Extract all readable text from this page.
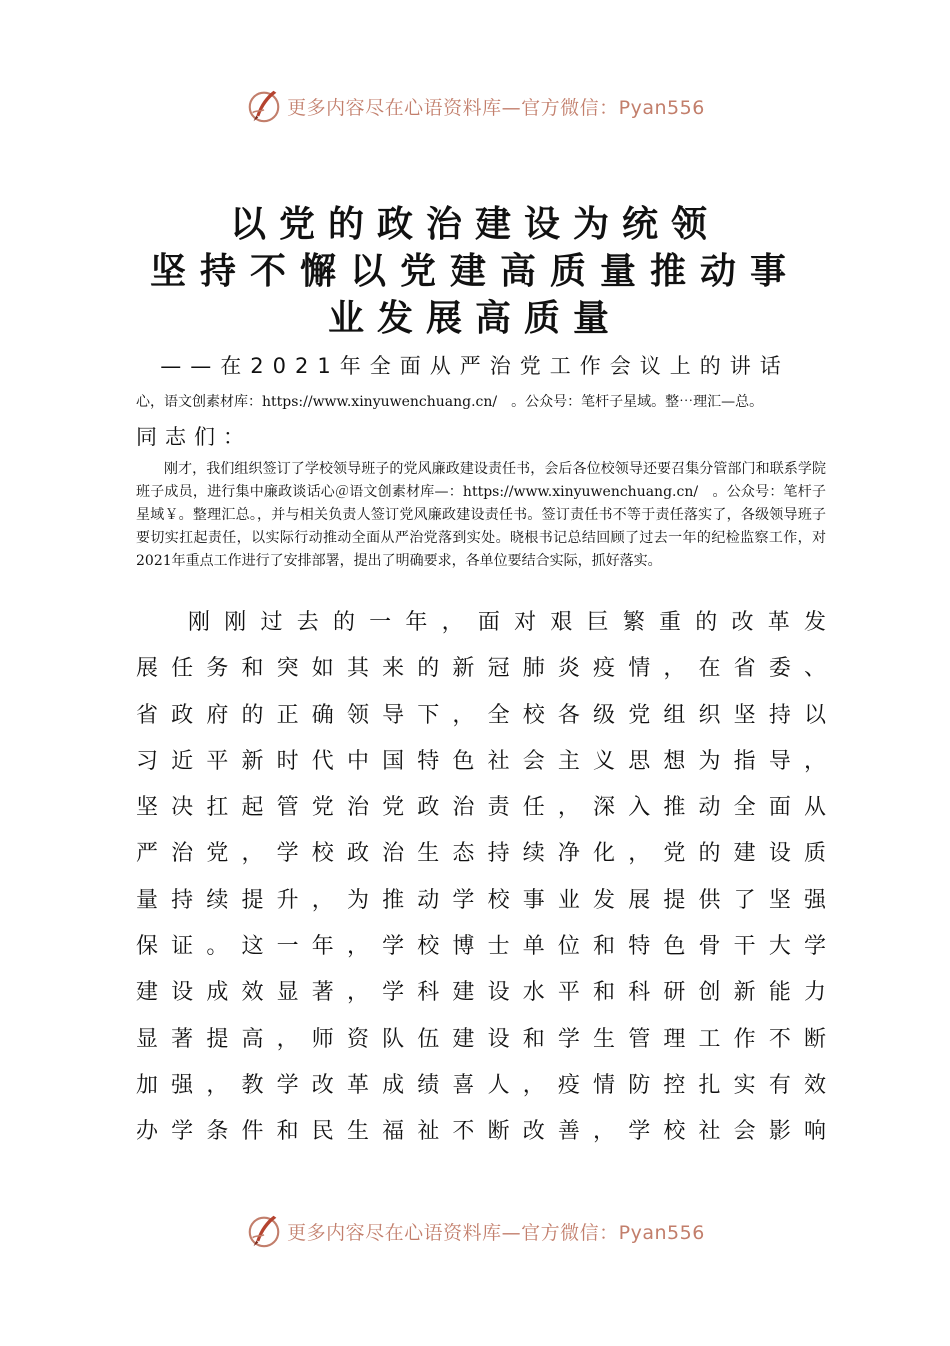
更多内容尽在心语资料库—官方微信：Pyan556
以党的政治建设为统领
坚持不懈以党建高质量推动事
业发展高质量
——在2021年全面从严治党工作会议上的讲话
心，语文创素材库：https://www.xinyuwenchuang.cn/　。公众号：笔杆子星域。整⋯理汇—总。
同志们：
刚才，我们组织签订了学校领导班子的党风廉政建设责任书，会后各位校领导还要召集分管部门和联系学院班子成员，进行集中廉政谈话心＠语文创素材库—：https://www.xinyuwenchuang.cn/　。公众号：笔杆子星域￥。整理汇总。，并与相关负责人签订党风廉政建设责任书。签订责任书不等于责任落实了，各级领导班子要切实扛起责任，以实际行动推动全面从严治党落到实处。晓根书记总结回顾了过去一年的纪检监察工作，对2021年重点工作进行了安排部署，提出了明确要求，各单位要结合实际，抓好落实。
刚刚过去的一年，面对艰巨繁重的改革发
展任务和突如其来的新冠肺炎疫情，在省委、
省政府的正确领导下，全校各级党组织坚持以
习近平新时代中国特色社会主义思想为指导，
坚决扛起管党治党政治责任，深入推动全面从
严治党，学校政治生态持续净化，党的建设质
量持续提升，为推动学校事业发展提供了坚强
保证。这一年，学校博士单位和特色骨干大学
建设成效显著，学科建设水平和科研创新能力
显著提高，师资队伍建设和学生管理工作不断
加强，教学改革成绩喜人，疫情防控扎实有效
办学条件和民生福祉不断改善，学校社会影响
更多内容尽在心语资料库—官方微信：Pyan556
